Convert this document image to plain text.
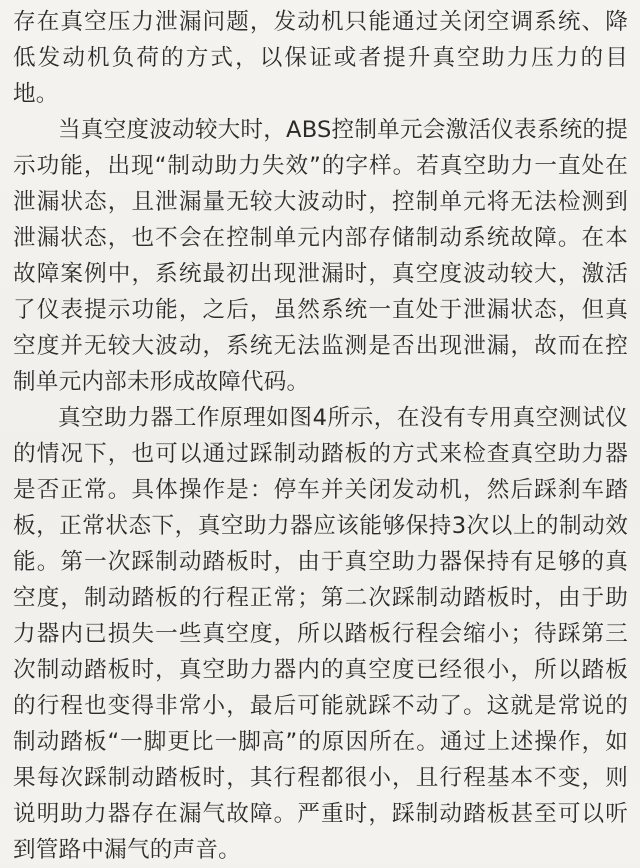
存在真空压力泄漏问题，发动机只能通过关闭空调系统、降低发动机负荷的方式，以保证或者提升真空助力压力的目地。

当真空度波动较大时，ABS控制单元会激活仪表系统的提示功能，出现“制动助力失效”的字样。若真空助力一直处在泄漏状态，且泄漏量无较大波动时，控制单元将无法检测到泄漏状态，也不会在控制单元内部存储制动系统故障。在本故障案例中，系统最初出现泄漏时，真空度波动较大，激活了仪表提示功能，之后，虽然系统一直处于泄漏状态，但真空度并无较大波动，系统无法监测是否出现泄漏，故而在控制单元内部未形成故障代码。

真空助力器工作原理如图4所示，在没有专用真空测试仪的情况下，也可以通过踩制动踏板的方式来检查真空助力器是否正常。具体操作是：停车并关闭发动机，然后踩刹车踏板，正常状态下，真空助力器应该能够保持3次以上的制动效能。第一次踩制动踏板时，由于真空助力器保持有足够的真空度，制动踏板的行程正常；第二次踩制动踏板时，由于助力器内已损失一些真空度，所以踏板行程会缩小；待踩第三次制动踏板时，真空助力器内的真空度已经很小，所以踏板的行程也变得非常小，最后可能就踩不动了。这就是常说的制动踏板“一脚更比一脚高”的原因所在。通过上述操作，如果每次踩制动踏板时，其行程都很小，且行程基本不变，则说明助力器存在漏气故障。严重时，踩制动踏板甚至可以听到管路中漏气的声音。
